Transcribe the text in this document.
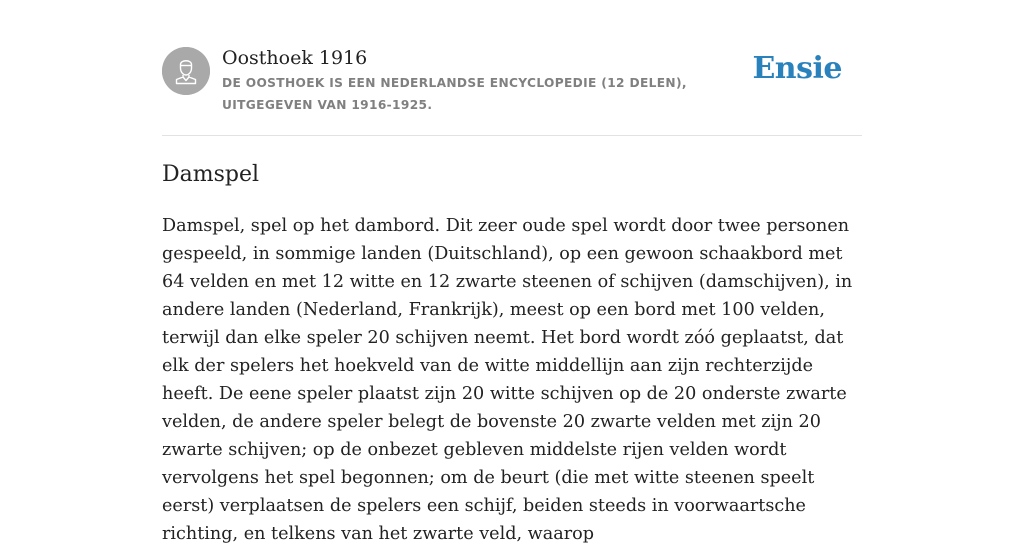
Oosthoek 1916
DE OOSTHOEK IS EEN NEDERLANDSE ENCYCLOPEDIE (12 DELEN), UITGEGEVEN VAN 1916-1925.
Ensie
Damspel

Damspel, spel op het dambord. Dit zeer oude spel wordt door twee personen gespeeld, in sommige landen (Duitschland), op een gewoon schaakbord met 64 velden en met 12 witte en 12 zwarte steenen of schijven (damschijven), in andere landen (Nederland, Frankrijk), meest op een bord met 100 velden, terwijl dan elke speler 20 schijven neemt. Het bord wordt zóó geplaatst, dat elk der spelers het hoekveld van de witte middellijn aan zijn rechterzijde heeft. De eene speler plaatst zijn 20 witte schijven op de 20 onderste zwarte velden, de andere speler belegt de bovenste 20 zwarte velden met zijn 20 zwarte schijven; op de onbezet gebleven middelste rijen velden wordt vervolgens het spel begonnen; om de beurt (die met witte steenen speelt eerst) verplaatsen de spelers een schijf, beiden steeds in voorwaartsche richting, en telkens van het zwarte veld, waarop
